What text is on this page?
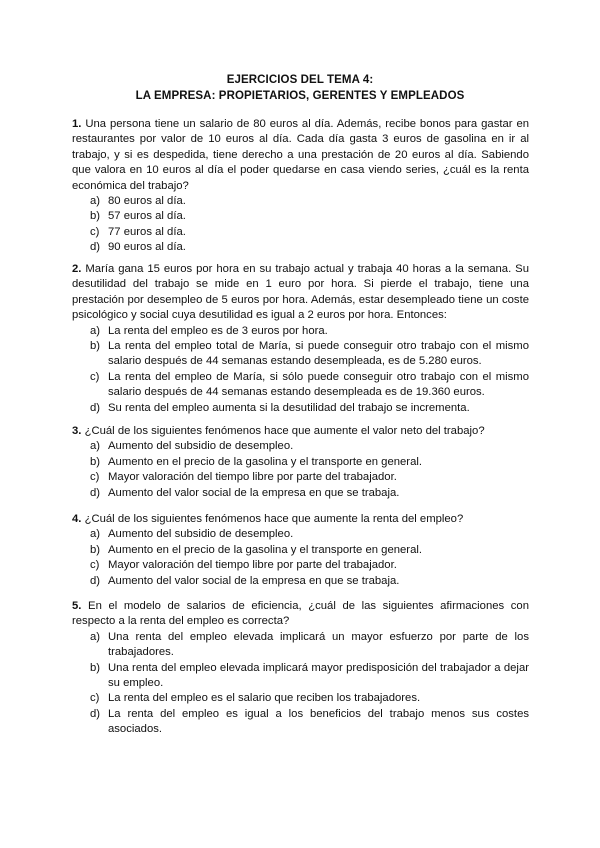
EJERCICIOS DEL TEMA 4:
LA EMPRESA: PROPIETARIOS, GERENTES Y EMPLEADOS

1. Una persona tiene un salario de 80 euros al día. Además, recibe bonos para gastar en restaurantes por valor de 10 euros al día. Cada día gasta 3 euros de gasolina en ir al trabajo, y si es despedida, tiene derecho a una prestación de 20 euros al día. Sabiendo que valora en 10 euros al día el poder quedarse en casa viendo series, ¿cuál es la renta económica del trabajo?

a) 80 euros al día.
b) 57 euros al día.
c) 77 euros al día.
d) 90 euros al día.

2. María gana 15 euros por hora en su trabajo actual y trabaja 40 horas a la semana. Su desutilidad del trabajo se mide en 1 euro por hora. Si pierde el trabajo, tiene una prestación por desempleo de 5 euros por hora. Además, estar desempleado tiene un coste psicológico y social cuya desutilidad es igual a 2 euros por hora. Entonces:

a) La renta del empleo es de 3 euros por hora.
b) La renta del empleo total de María, si puede conseguir otro trabajo con el mismo salario después de 44 semanas estando desempleada, es de 5.280 euros.
c) La renta del empleo de María, si sólo puede conseguir otro trabajo con el mismo salario después de 44 semanas estando desempleada es de 19.360 euros.
d) Su renta del empleo aumenta si la desutilidad del trabajo se incrementa.

3. ¿Cuál de los siguientes fenómenos hace que aumente el valor neto del trabajo?

a) Aumento del subsidio de desempleo.
b) Aumento en el precio de la gasolina y el transporte en general.
c) Mayor valoración del tiempo libre por parte del trabajador.
d) Aumento del valor social de la empresa en que se trabaja.

4. ¿Cuál de los siguientes fenómenos hace que aumente la renta del empleo?

a) Aumento del subsidio de desempleo.
b) Aumento en el precio de la gasolina y el transporte en general.
c) Mayor valoración del tiempo libre por parte del trabajador.
d) Aumento del valor social de la empresa en que se trabaja.

5. En el modelo de salarios de eficiencia, ¿cuál de las siguientes afirmaciones con respecto a la renta del empleo es correcta?

a) Una renta del empleo elevada implicará un mayor esfuerzo por parte de los trabajadores.
b) Una renta del empleo elevada implicará mayor predisposición del trabajador a dejar su empleo.
c) La renta del empleo es el salario que reciben los trabajadores.
d) La renta del empleo es igual a los beneficios del trabajo menos sus costes asociados.
